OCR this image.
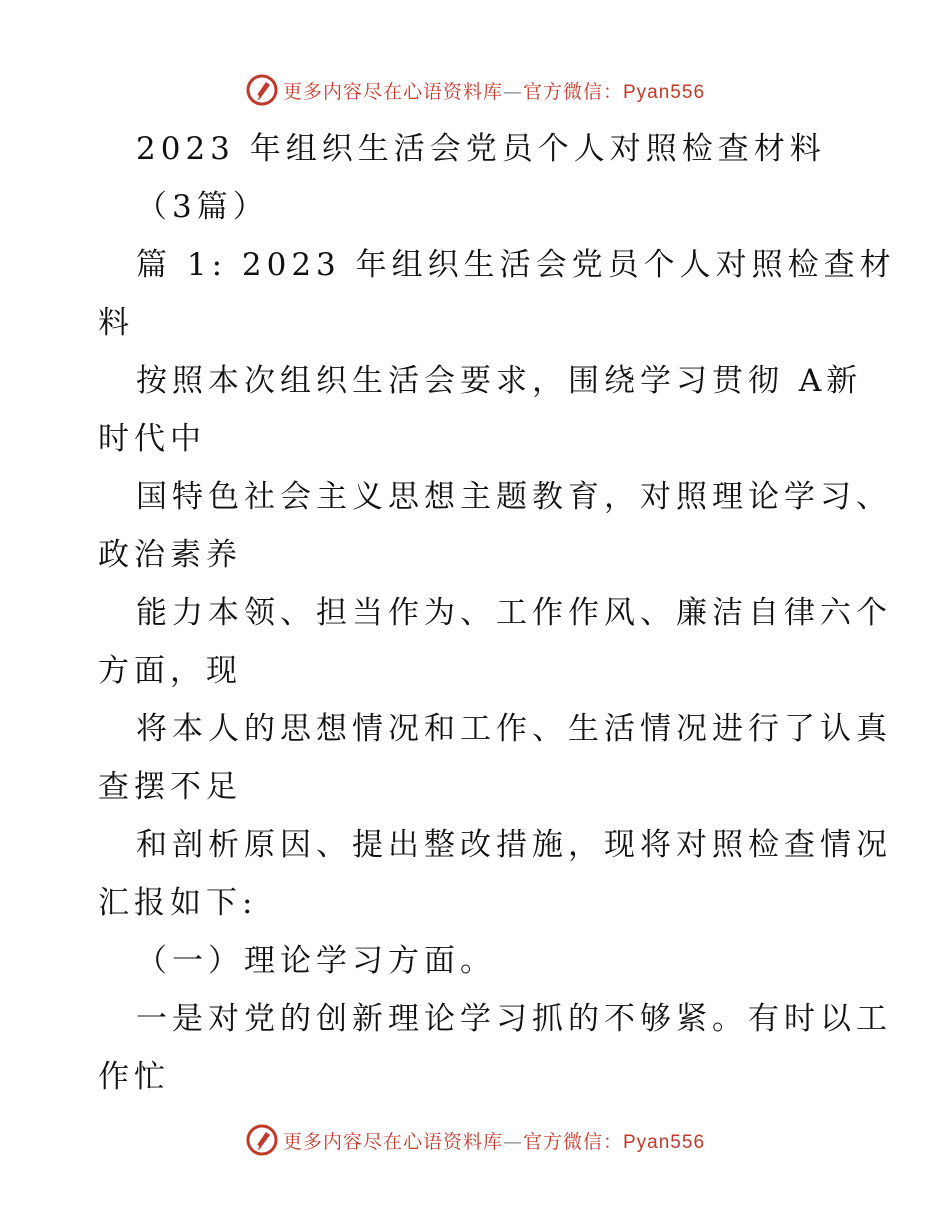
更多内容尽在心语资料库—官方微信：Pyan556
2023 年组织生活会党员个人对照检查材料
（3篇）
篇 1: 2023 年组织生活会党员个人对照检查材
料
按照本次组织生活会要求，围绕学习贯彻 A新
时代中
国特色社会主义思想主题教育，对照理论学习、
政治素养
能力本领、担当作为、工作作风、廉洁自律六个
方面，现
将本人的思想情况和工作、生活情况进行了认真
查摆不足
和剖析原因、提出整改措施，现将对照检查情况
汇报如下:
（一）理论学习方面。
一是对党的创新理论学习抓的不够紧。有时以工
作忙
更多内容尽在心语资料库—官方微信：Pyan556
